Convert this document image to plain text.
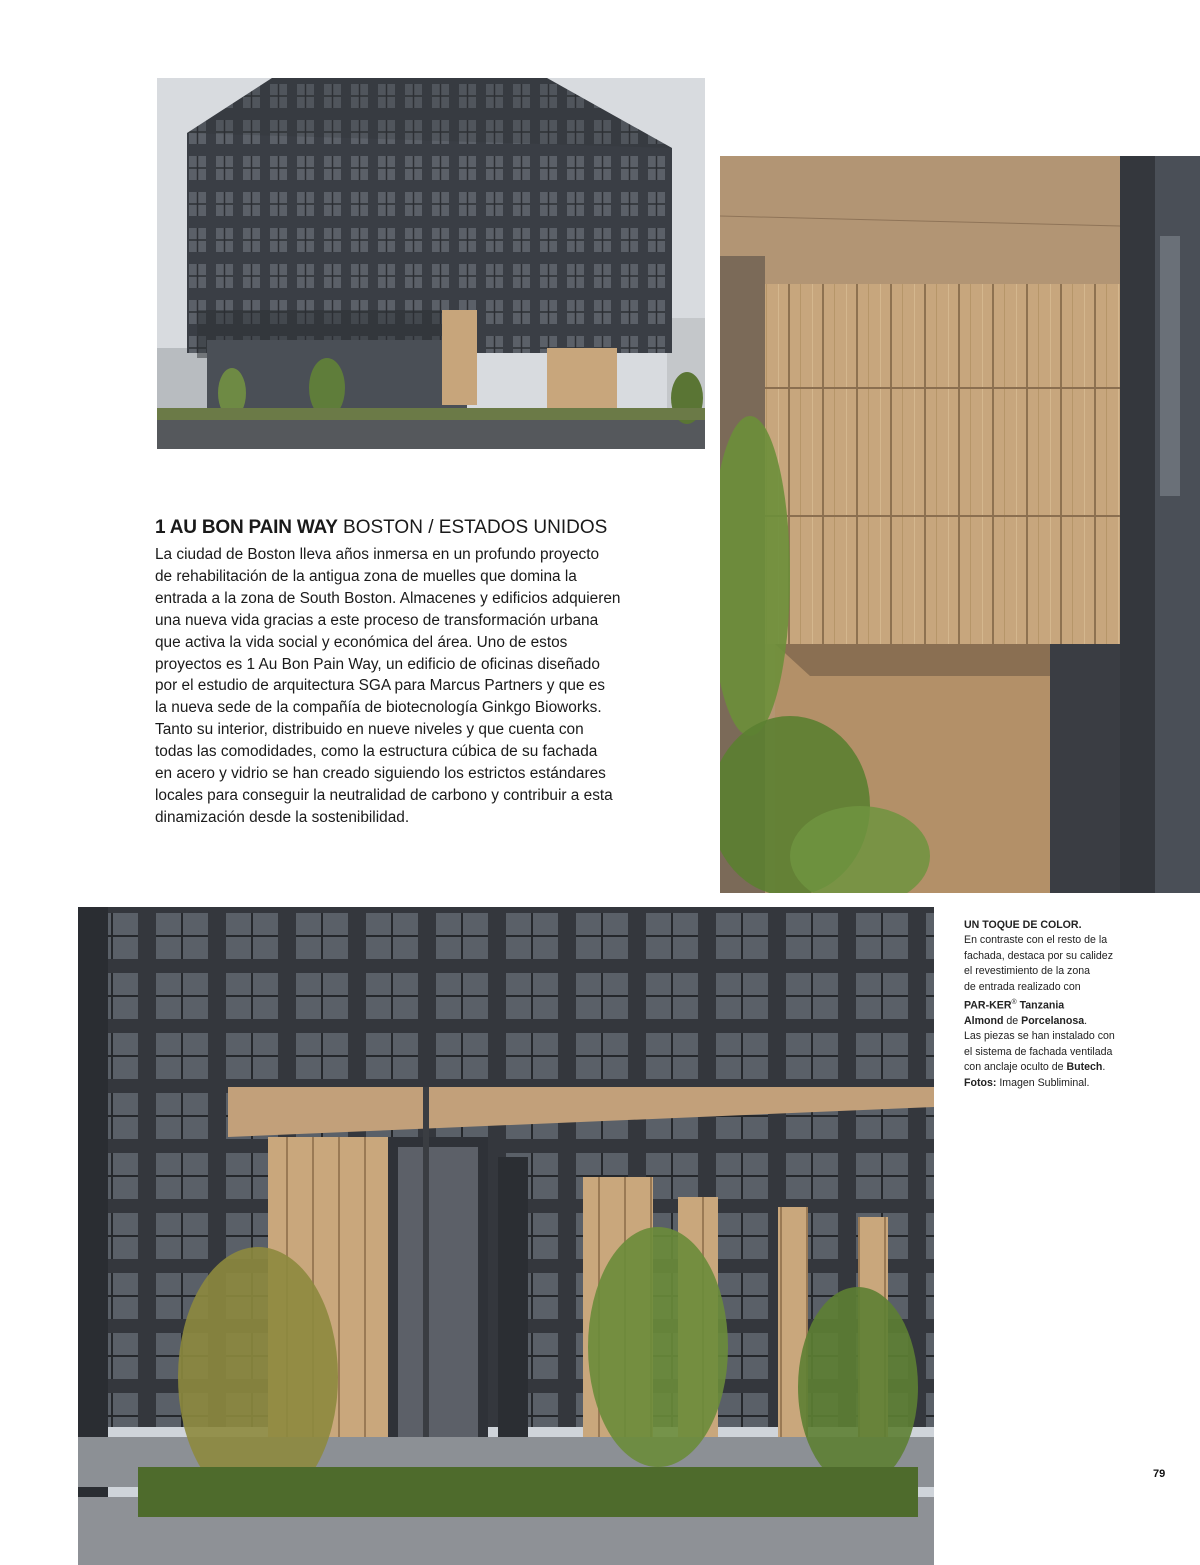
1 AU BON PAIN WAY BOSTON / ESTADOS UNIDOS

La ciudad de Boston lleva años inmersa en un profundo proyecto
de rehabilitación de la antigua zona de muelles que domina la
entrada a la zona de South Boston. Almacenes y edificios adquieren
una nueva vida gracias a este proceso de transformación urbana
que activa la vida social y económica del área. Uno de estos
proyectos es 1 Au Bon Pain Way, un edificio de oficinas diseñado
por el estudio de arquitectura SGA para Marcus Partners y que es
la nueva sede de la compañía de biotecnología Ginkgo Bioworks.
Tanto su interior, distribuido en nueve niveles y que cuenta con
todas las comodidades, como la estructura cúbica de su fachada
en acero y vidrio se han creado siguiendo los estrictos estándares
locales para conseguir la neutralidad de carbono y contribuir a esta
dinamización desde la sostenibilidad.

UN TOQUE DE COLOR.
En contraste con el resto de la
fachada, destaca por su calidez
el revestimiento de la zona
de entrada realizado con
PAR-KER® Tanzania
Almond de Porcelanosa.
Las piezas se han instalado con
el sistema de fachada ventilada
con anclaje oculto de Butech.
Fotos: Imagen Subliminal.
79
